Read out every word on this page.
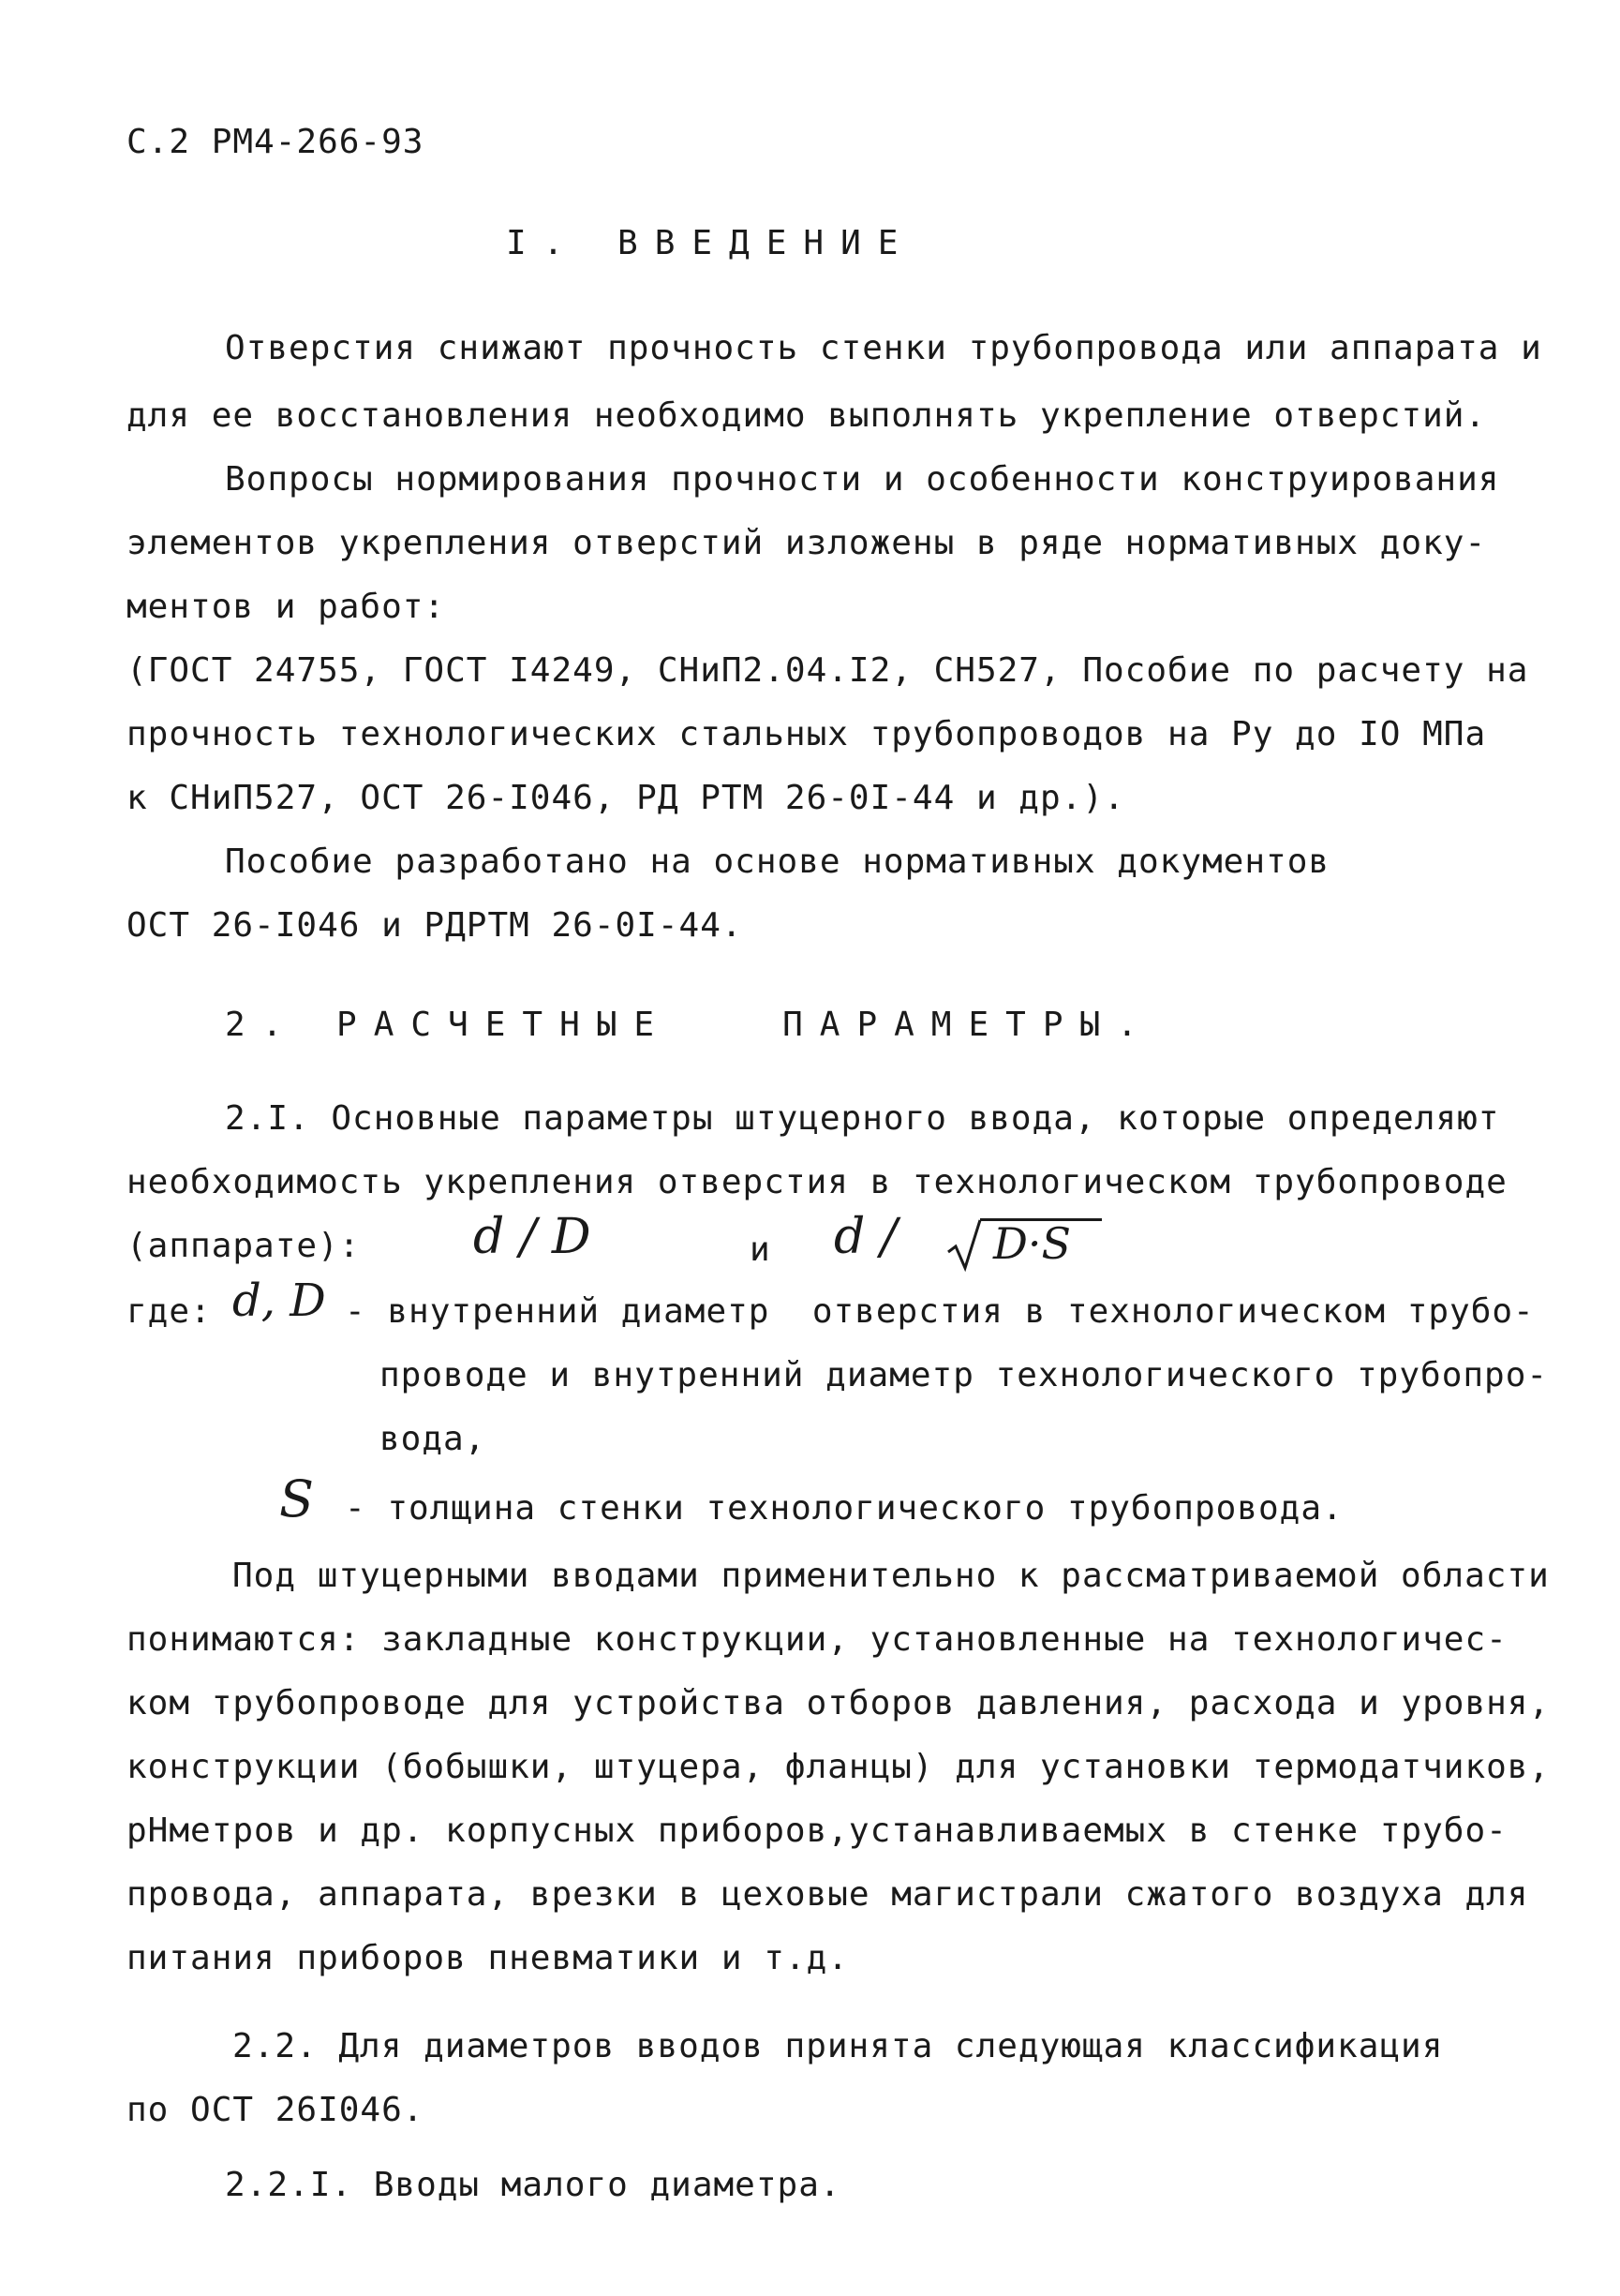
С.2 РМ4-266-93
I. ВВЕДЕНИЕ
Отверстия снижают прочность стенки трубопровода или аппарата и
для ее восстановления необходимо выполнять укрепление отверстий.
Вопросы нормирования прочности и особенности конструирования
элементов укрепления отверстий изложены в ряде нормативных доку-
ментов и работ:
(ГОСТ 24755, ГОСТ I4249, СНиП2.04.I2, СН527, Пособие по расчету на
прочность технологических стальных трубопроводов на Ру до IO МПа
к СНиП527, ОСТ 26-I046, РД РТМ 26-0I-44 и др.).
Пособие разработано на основе нормативных документов
ОСТ 26-I046 и РДРТМ 26-0I-44.
2. РАСЧЕТНЫЕ   ПАРАМЕТРЫ.
2.I. Основные параметры штуцерного ввода, которые определяют
необходимость укрепления отверстия в технологическом трубопроводе
(аппарате): d / D	и d / D·S
где: d, D - внутренний диаметр  отверстия в технологическом трубо-
проводе и внутренний диаметр технологического трубопро-
вода,
S - толщина стенки технологического трубопровода.
Под штуцерными вводами применительно к рассматриваемой области
понимаются: закладные конструкции, установленные на технологичес-
ком трубопроводе для устройства отборов давления, расхода и уровня,
конструкции (бобышки, штуцера, фланцы) для установки термодатчиков,
рНметров и др. корпусных приборов,устанавливаемых в стенке трубо-
провода, аппарата, врезки в цеховые магистрали сжатого воздуха для
питания приборов пневматики и т.д.
2.2. Для диаметров вводов принята следующая классификация
по ОСТ 26I046.
2.2.I. Вводы малого диаметра.
